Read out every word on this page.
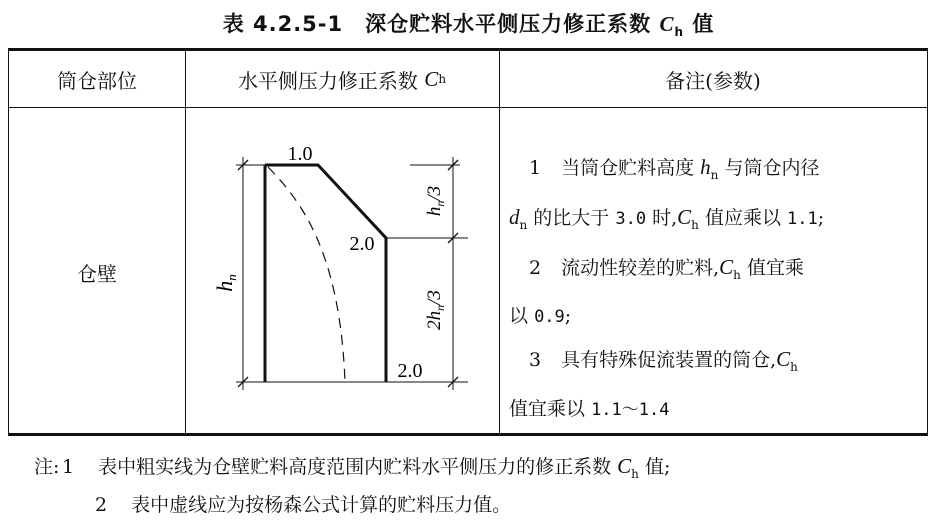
表 4.2.5-1 深仓贮料水平侧压力修正系数 $C_h$ 值
筒仓部位	水平侧压力修正系数
C h	备注(参数)
仓壁

1 当筒仓贮料高度 $h_n$ 与筒仓内径

$d_n$ 的比大于 3.0 时$,C_h$ 值应乘以 1.1;

2 流动性较差的贮料$,C_h$ 值宜乘

以 0.9;

3 具有特殊促流装置的筒仓$,C_h$

值宜乘以 1.1～1.4

hn
1.0
2.0
2.0
$h_n/3$
$2h_n/3$
注: 1 表中粗实线为仓壁贮料高度范围内贮料水平侧压力的修正系数 $C_h$ 值;
2 表中虚线应为按杨森公式计算的贮料压力值。
